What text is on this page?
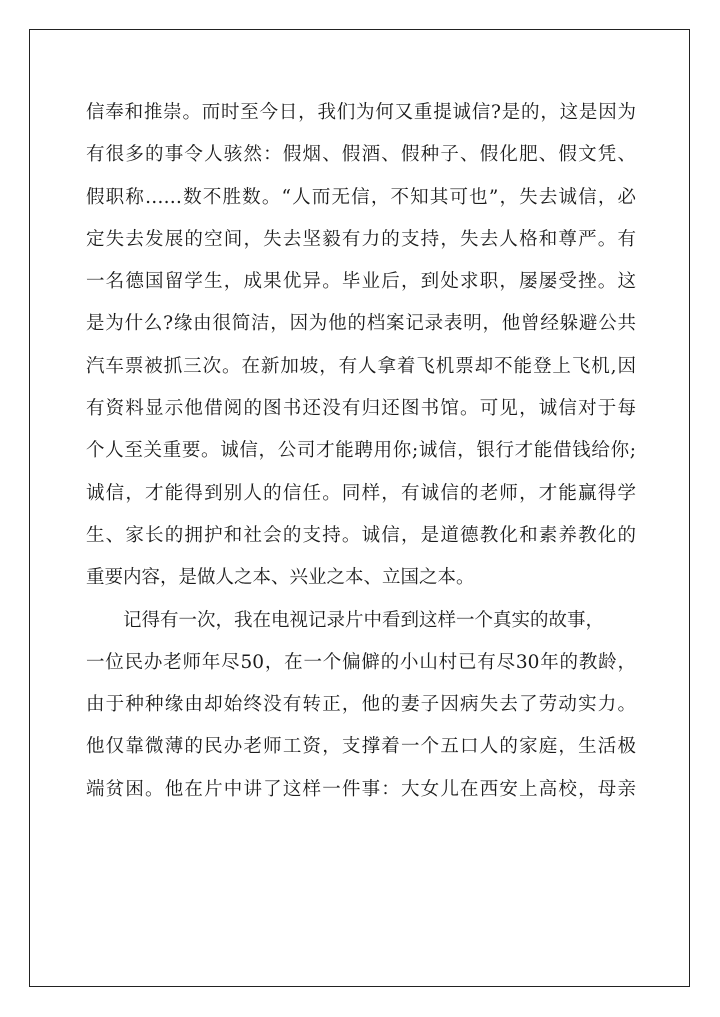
信奉和推崇。而时至今日，我们为何又重提诚信?是的，这是因为
有很多的事令人骇然：假烟、假酒、假种子、假化肥、假文凭、
假职称……数不胜数。“人而无信，不知其可也”，失去诚信，必
定失去发展的空间，失去坚毅有力的支持，失去人格和尊严。有
一名德国留学生，成果优异。毕业后，到处求职，屡屡受挫。这
是为什么?缘由很简洁，因为他的档案记录表明，他曾经躲避公共
汽车票被抓三次。在新加坡，有人拿着飞机票却不能登上飞机,因
有资料显示他借阅的图书还没有归还图书馆。可见，诚信对于每
个人至关重要。诚信，公司才能聘用你;诚信，银行才能借钱给你;
诚信，才能得到别人的信任。同样，有诚信的老师，才能赢得学
生、家长的拥护和社会的支持。诚信，是道德教化和素养教化的
重要内容，是做人之本、兴业之本、立国之本。
记得有一次，我在电视记录片中看到这样一个真实的故事，
一位民办老师年尽50，在一个偏僻的小山村已有尽30年的教龄，
由于种种缘由却始终没有转正，他的妻子因病失去了劳动实力。
他仅靠微薄的民办老师工资，支撑着一个五口人的家庭，生活极
端贫困。他在片中讲了这样一件事：大女儿在西安上高校，母亲
